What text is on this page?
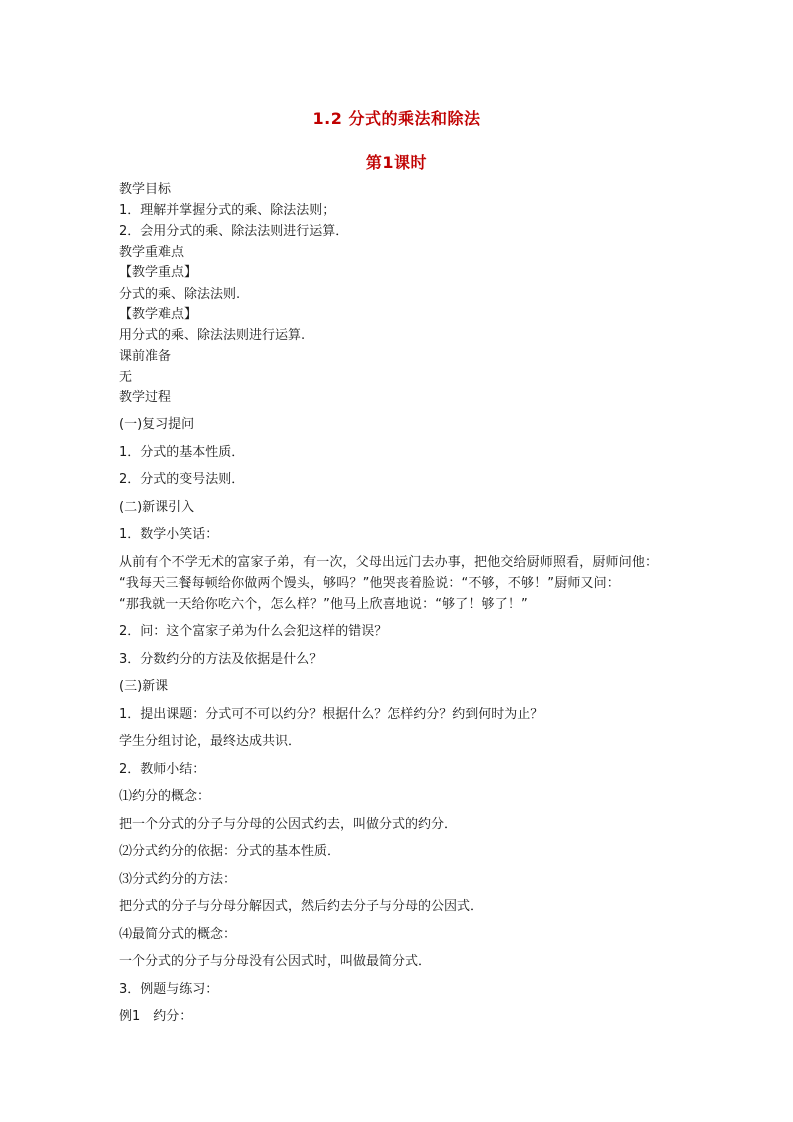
1.2 分式的乘法和除法
第1课时
教学目标
1．理解并掌握分式的乘、除法法则；
2．会用分式的乘、除法法则进行运算．
教学重难点
【教学重点】
分式的乘、除法法则.
【教学难点】
用分式的乘、除法法则进行运算.
课前准备
无
教学过程
(一)复习提问
1．分式的基本性质．
2．分式的变号法则．
(二)新课引入
1．数学小笑话：
从前有个不学无术的富家子弟，有一次，父母出远门去办事，把他交给厨师照看，厨师问他：
“我每天三餐每顿给你做两个馒头，够吗？”他哭丧着脸说：“不够，不够！”厨师又问：
“那我就一天给你吃六个，怎么样？”他马上欣喜地说：“够了！够了！”
2．问：这个富家子弟为什么会犯这样的错误？
3．分数约分的方法及依据是什么？
(三)新课
1．提出课题：分式可不可以约分？根据什么？怎样约分？约到何时为止？
学生分组讨论，最终达成共识．
2．教师小结：
⑴约分的概念：
把一个分式的分子与分母的公因式约去，叫做分式的约分．
⑵分式约分的依据：分式的基本性质．
⑶分式约分的方法：
把分式的分子与分母分解因式，然后约去分子与分母的公因式．
⑷最简分式的概念：
一个分式的分子与分母没有公因式时，叫做最简分式．
3．例题与练习：
例1　约分：
